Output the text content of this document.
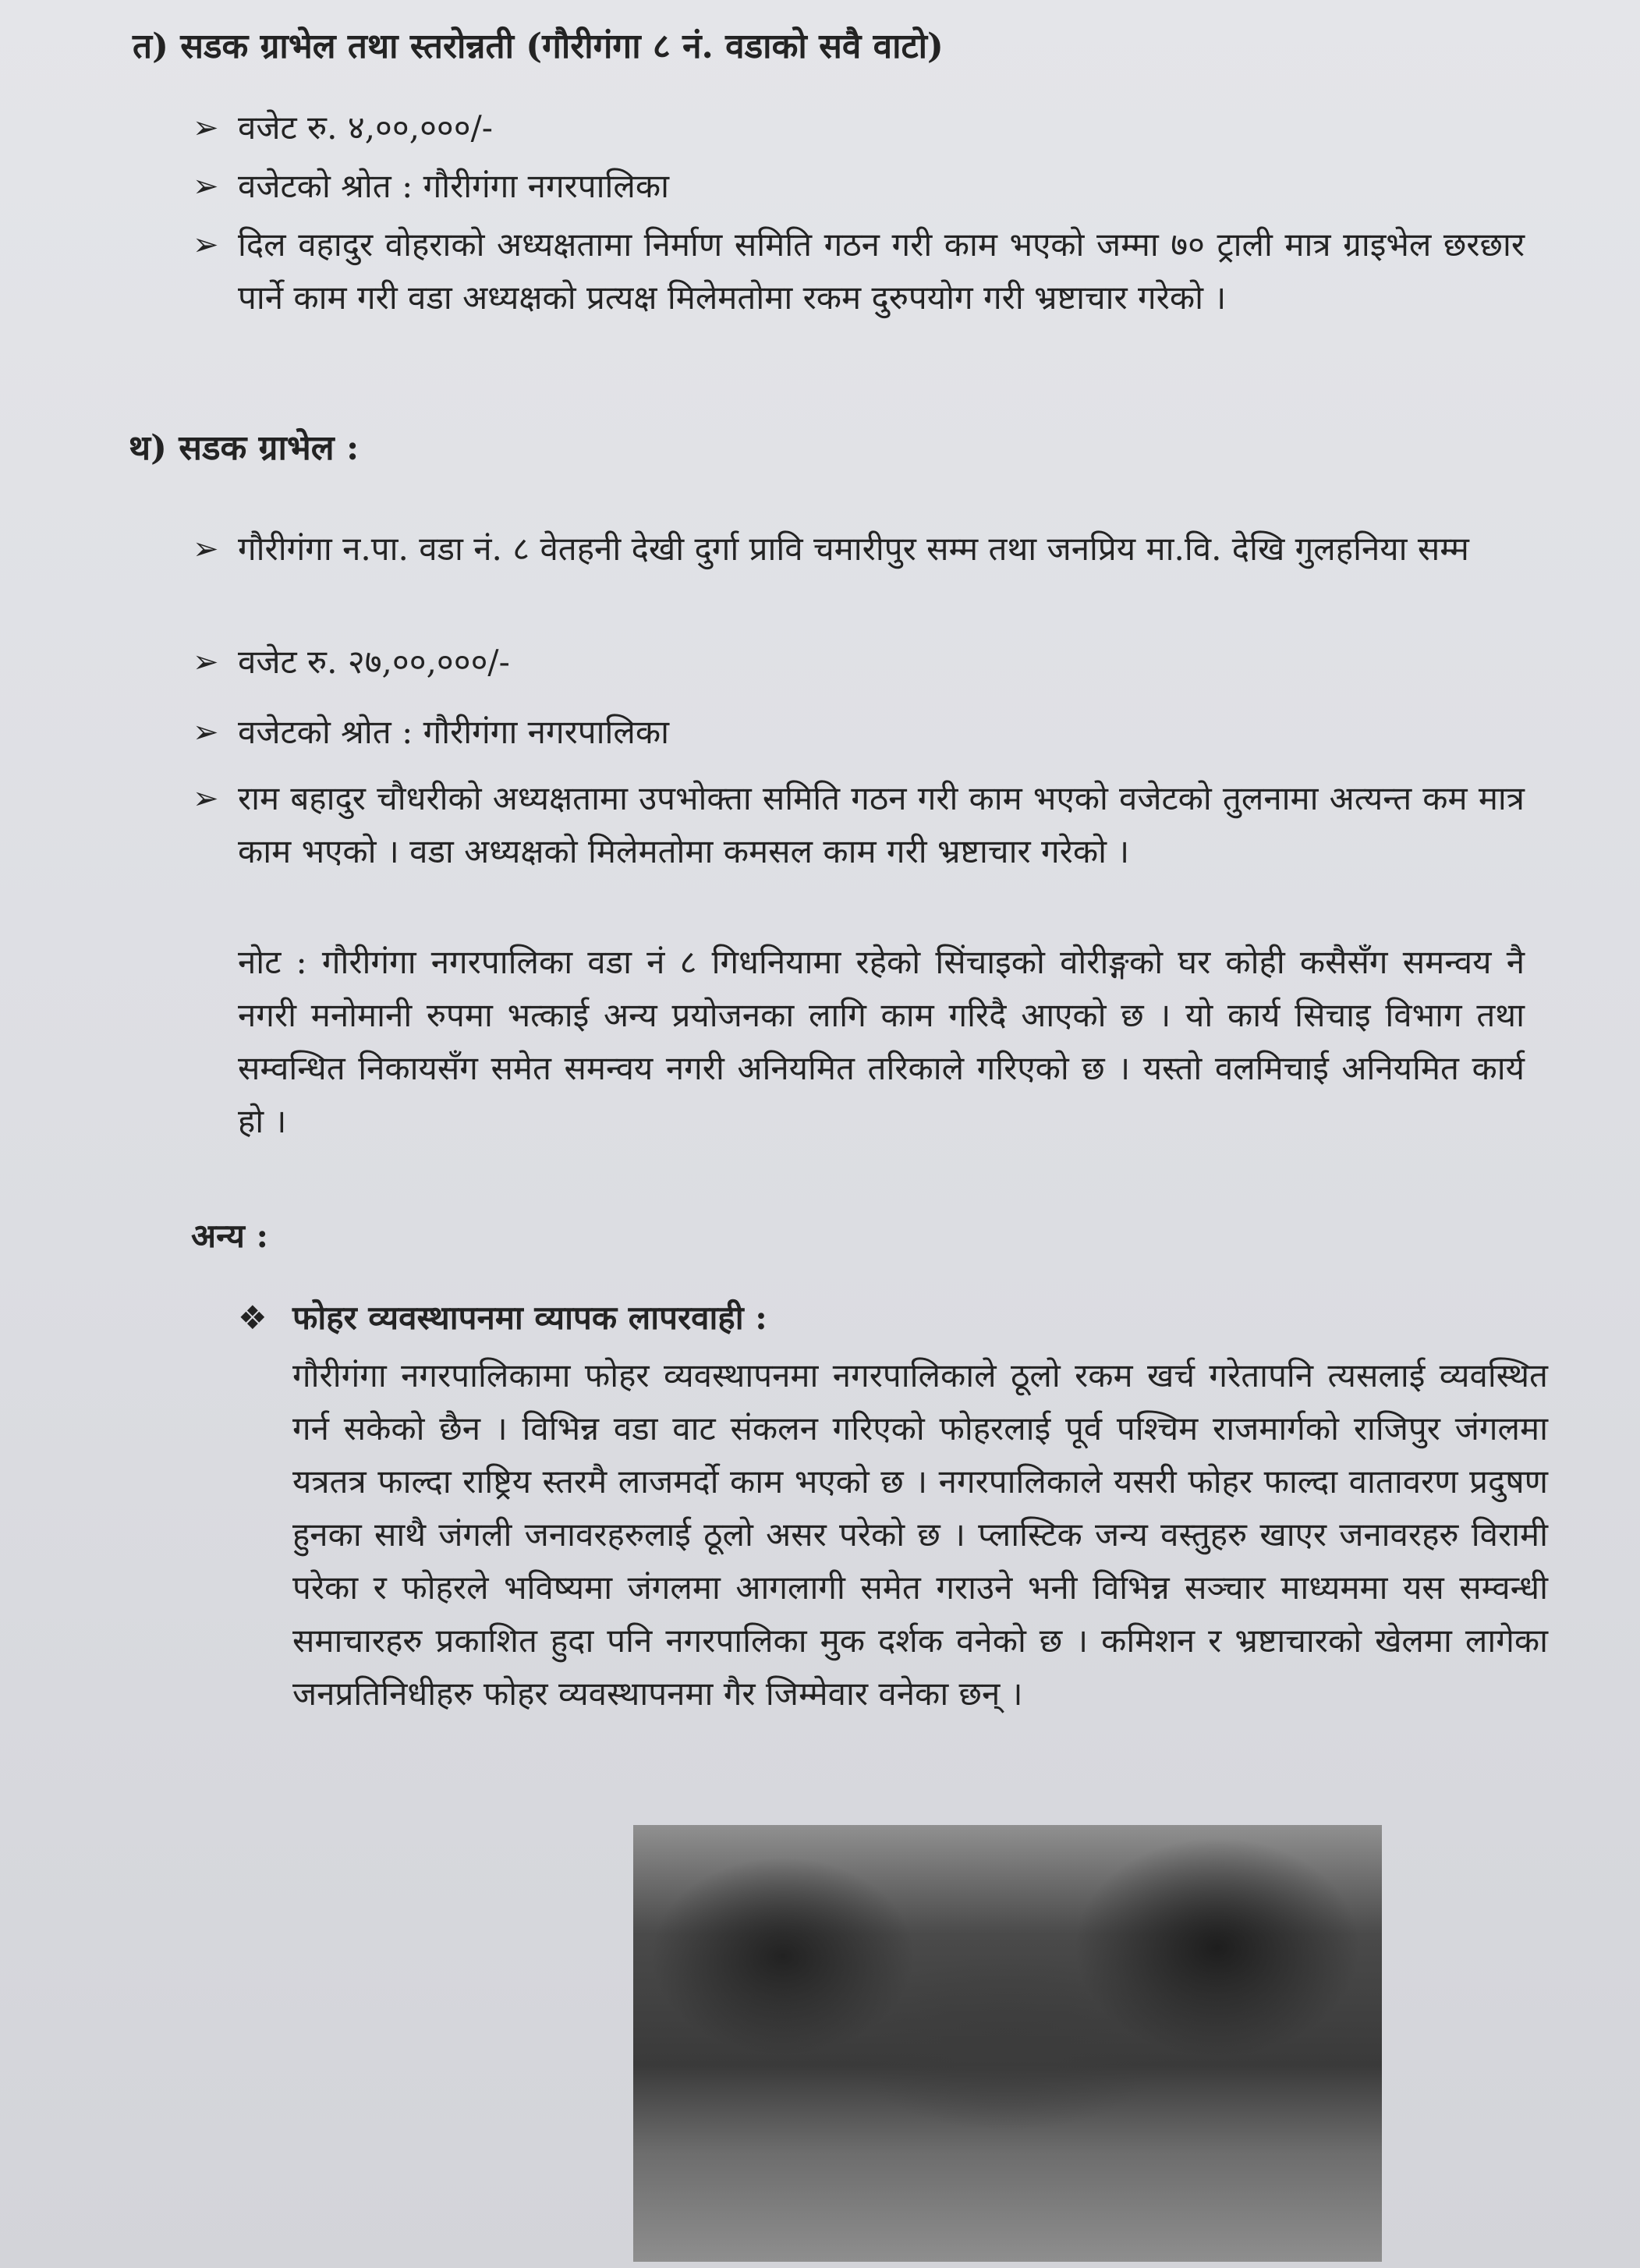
त) सडक ग्राभेल तथा स्तरोन्नती (गौरीगंगा ८ नं. वडाको सवै वाटो)
➢ वजेट रु. ४,००,०००/-
➢ वजेटको श्रोत : गौरीगंगा नगरपालिका
➢ दिल वहादुर वोहराको अध्यक्षतामा निर्माण समिति गठन गरी काम भएको जम्मा ७० ट्राली मात्र ग्राइभेल छरछार पार्ने काम गरी वडा अध्यक्षको प्रत्यक्ष मिलेमतोमा रकम दुरुपयोग गरी भ्रष्टाचार गरेको ।
थ) सडक ग्राभेल :
➢ गौरीगंगा न.पा. वडा नं. ८ वेतहनी देखी दुर्गा प्रावि चमारीपुर सम्म तथा जनप्रिय मा.वि. देखि गुलहनिया सम्म
➢ वजेट रु. २७,००,०००/-
➢ वजेटको श्रोत : गौरीगंगा नगरपालिका
➢ राम बहादुर चौधरीको अध्यक्षतामा उपभोक्ता समिति गठन गरी काम भएको वजेटको तुलनामा अत्यन्त कम मात्र काम भएको । वडा अध्यक्षको मिलेमतोमा कमसल काम गरी भ्रष्टाचार गरेको ।

नोट : गौरीगंगा नगरपालिका वडा नं ८ गिधनियामा रहेको सिंचाइको वोरीङ्गको घर कोही कसैसँग समन्वय नै नगरी मनोमानी रुपमा भत्काई अन्य प्रयोजनका लागि काम गरिदै आएको छ । यो कार्य सिचाइ विभाग तथा सम्वन्धित निकायसँग समेत समन्वय नगरी अनियमित तरिकाले गरिएको छ । यस्तो वलमिचाई अनियमित कार्य हो ।

अन्य :
❖ फोहर व्यवस्थापनमा व्यापक लापरवाही :

गौरीगंगा नगरपालिकामा फोहर व्यवस्थापनमा नगरपालिकाले ठूलो रकम खर्च गरेतापनि त्यसलाई व्यवस्थित गर्न सकेको छैन । विभिन्न वडा वाट संकलन गरिएको फोहरलाई पूर्व पश्चिम राजमार्गको राजिपुर जंगलमा यत्रतत्र फाल्दा राष्ट्रिय स्तरमै लाजमर्दो काम भएको छ । नगरपालिकाले यसरी फोहर फाल्दा वातावरण प्रदुषण हुनका साथै जंगली जनावरहरुलाई ठूलो असर परेको छ । प्लास्टिक जन्य वस्तुहरु खाएर जनावरहरु विरामी परेका र फोहरले भविष्यमा जंगलमा आगलागी समेत गराउने भनी विभिन्न सञ्चार माध्यममा यस सम्वन्धी समाचारहरु प्रकाशित हुदा पनि नगरपालिका मुक दर्शक वनेको छ । कमिशन र भ्रष्टाचारको खेलमा लागेका जनप्रतिनिधीहरु फोहर व्यवस्थापनमा गैर जिम्मेवार वनेका छन् ।
